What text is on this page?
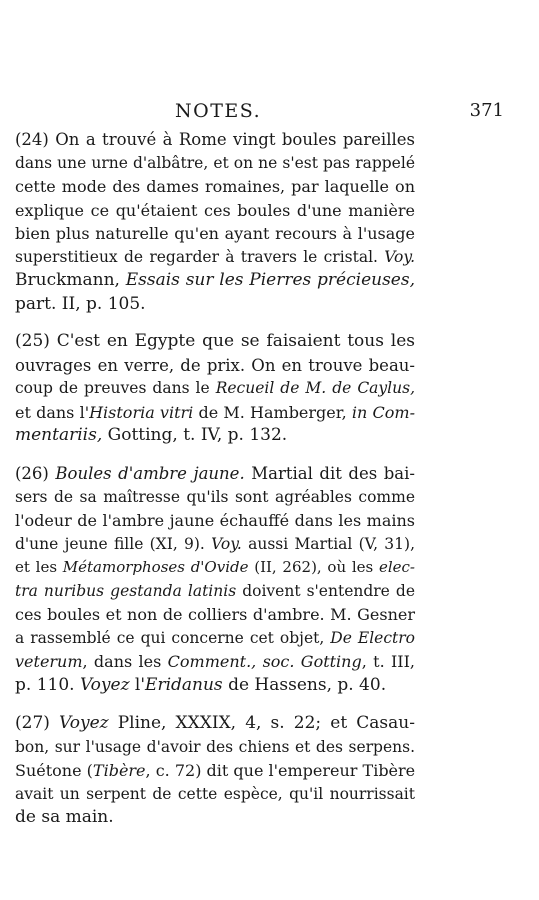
NOTES.	371
(24) On a trouvé à Rome vingt boules pareilles
dans une urne d'albâtre, et on ne s'est pas rappelé
cette mode des dames romaines, par laquelle on
explique ce qu'étaient ces boules d'une manière
bien plus naturelle qu'en ayant recours à l'usage
superstitieux de regarder à travers le cristal. Voy.
Bruckmann, Essais sur les Pierres précieuses,
part. II, p. 105.
(25) C'est en Egypte que se faisaient tous les
ouvrages en verre, de prix. On en trouve beau-
coup de preuves dans le Recueil de M. de Caylus,
et dans l'Historia vitri de M. Hamberger, in Com-
mentariis, Gotting, t. IV, p. 132.
(26) Boules d'ambre jaune. Martial dit des bai-
sers de sa maîtresse qu'ils sont agréables comme
l'odeur de l'ambre jaune échauffé dans les mains
d'une jeune fille (XI, 9). Voy. aussi Martial (V, 31),
et les Métamorphoses d'Ovide (II, 262), où les elec-
tra nuribus gestanda latinis doivent s'entendre de
ces boules et non de colliers d'ambre. M. Gesner
a rassemblé ce qui concerne cet objet, De Electro
veterum, dans les Comment., soc. Gotting, t. III,
p. 110. Voyez l'Eridanus de Hassens, p. 40.
(27) Voyez Pline, XXXIX, 4, s. 22; et Casau-
bon, sur l'usage d'avoir des chiens et des serpens.
Suétone (Tibère, c. 72) dit que l'empereur Tibère
avait un serpent de cette espèce, qu'il nourrissait
de sa main.
